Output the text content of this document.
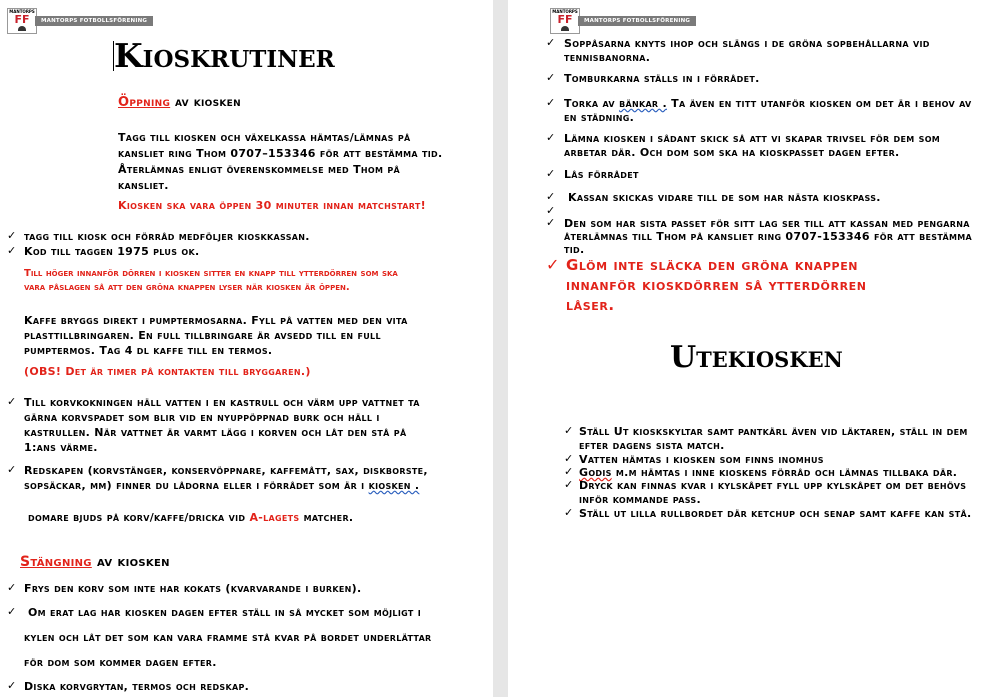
MANTORPS
FF	MANTORPS FOTBOLLSFÖRENING
Kioskrutiner
Öppning av kiosken
Tagg till kiosken och växelkassa hämtas/lämnas på
kansliet ring Thom 0707–153346 för att bestämma tid.
Återlämnas enligt överenskommelse med Thom på
kansliet.
Kiosken ska vara öppen 30 minuter innan matchstart!
✓ tagg till kiosk och förråd medföljer kioskkassan.
✓ Kod till taggen 1975 plus ok.
Till höger innanför dörren i kiosken sitter en knapp till ytterdörren som ska
vara påslagen så att den gröna knappen lyser när kiosken är öppen.
Kaffe bryggs direkt i pumptermosarna. Fyll på vatten med den vita
plasttillbringaren. En full tillbringare är avsedd till en full
pumptermos. Tag 4 dl kaffe till en termos.
(OBS! Det är timer på kontakten till bryggaren.)
✓ Till korvkokningen häll vatten i en kastrull och värm upp vattnet ta
gärna korvspadet som blir vid en nyuppöppnad burk och häll i
kastrullen. När vattnet är varmt lägg i korven och låt den stå på
1:ans värme.
✓ Redskapen (korvstänger, konservöppnare, kaffemått, sax, diskborste,
sopsäckar, mm) finner du lådorna eller i förrådet som är i kiosken .
domare bjuds på korv/kaffe/dricka vid A-lagets matcher.
Stängning av kiosken
✓ Frys den korv som inte har kokats (kvarvarande i burken).
✓ Om erat lag har kiosken dagen efter ställ in så mycket som möjligt i
kylen och låt det som kan vara framme stå kvar på bordet underlättar
för dom som kommer dagen efter.
✓ Diska korvgrytan, termos och redskap.
MANTORPS
FF	MANTORPS FOTBOLLSFÖRENING
✓ Soppåsarna knyts ihop och slängs i de gröna sopbehållarna vid
tennisbanorna.
✓ Tomburkarna ställs in i förrådet.
✓ Torka av bänkar . Ta även en titt utanför kiosken om det är i behov av
en städning.
✓ Lämna kiosken i sådant skick så att vi skapar trivsel för dem som
arbetar där. Och dom som ska ha kioskpasset dagen efter.
✓ Lås förrådet
✓ Kassan skickas vidare till de som har nästa kioskpass.
✓
✓ Den som har sista passet för sitt lag ser till att kassan med pengarna
återlämnas till Thom på kansliet ring 0707-153346 för att bestämma
tid.
✓ Glöm inte släcka den gröna knappen
innanför kioskdörren så ytterdörren
låser.
Utekiosken
✓ Ställ Ut kioskskyltar samt pantkärl även vid läktaren, ställ in dem
efter dagens sista match.
✓ Vatten hämtas i kiosken som finns inomhus
✓ Godis m.m hämtas i inne kioskens förråd och lämnas tillbaka där.
✓ Dryck kan finnas kvar i kylskåpet fyll upp kylskåpet om det behövs
inför kommande pass.
✓ Ställ ut lilla rullbordet där ketchup och senap samt kaffe kan stå.
